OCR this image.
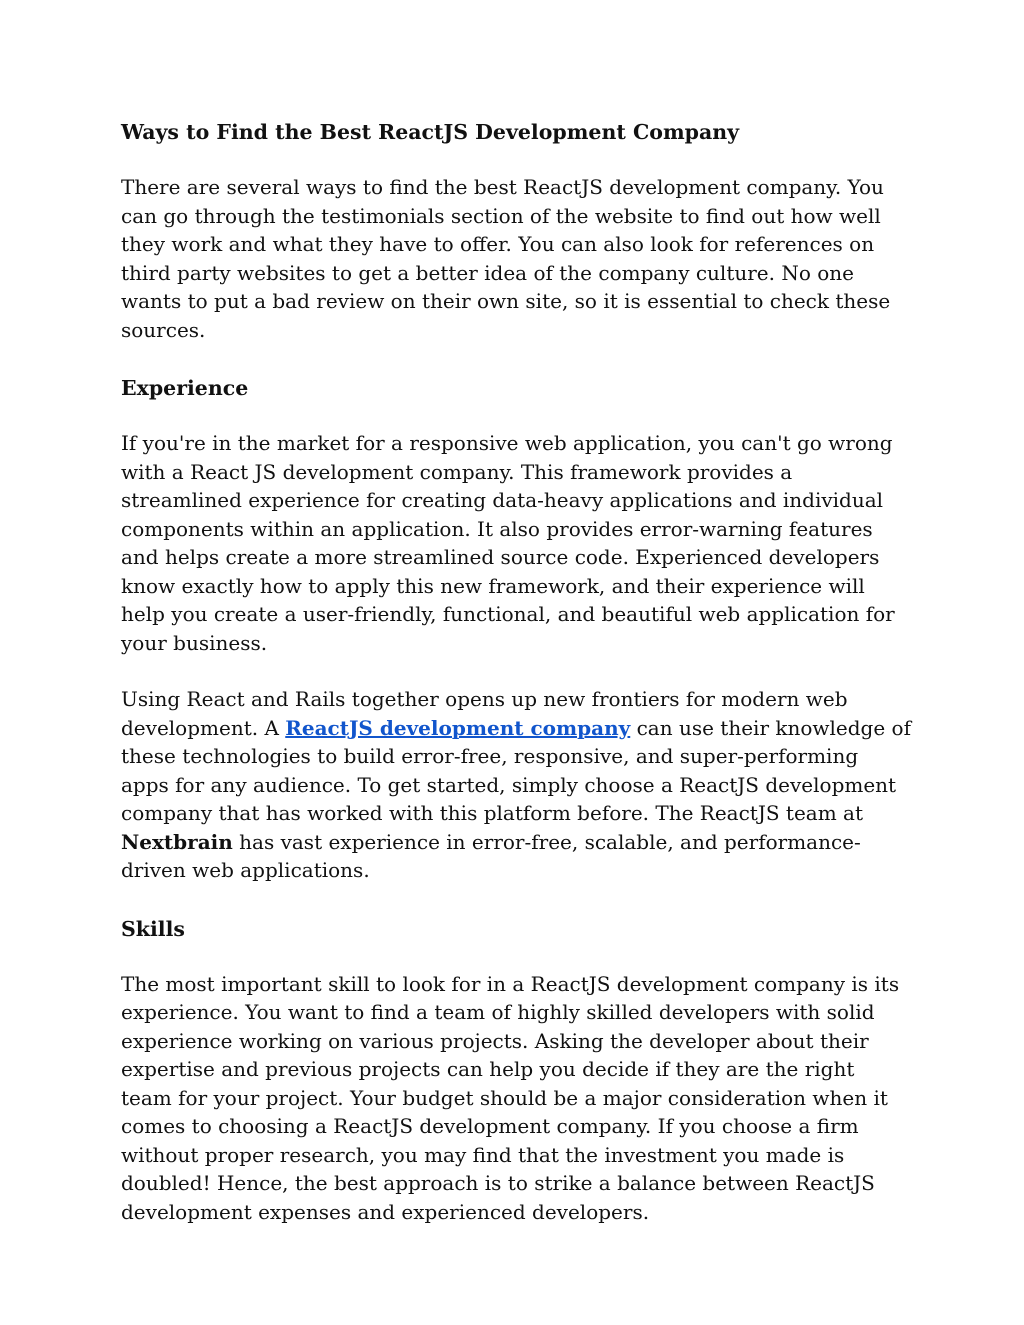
Ways to Find the Best ReactJS Development Company

There are several ways to find the best ReactJS development company. You can go through the testimonials section of the website to find out how well they work and what they have to offer. You can also look for references on third party websites to get a better idea of the company culture. No one wants to put a bad review on their own site, so it is essential to check these sources.

Experience

If you're in the market for a responsive web application, you can't go wrong with a React JS development company. This framework provides a streamlined experience for creating data-heavy applications and individual components within an application. It also provides error-warning features and helps create a more streamlined source code. Experienced developers know exactly how to apply this new framework, and their experience will help you create a user-friendly, functional, and beautiful web application for your business.

Using React and Rails together opens up new frontiers for modern web development. A ReactJS development company can use their knowledge of these technologies to build error-free, responsive, and super-performing apps for any audience. To get started, simply choose a ReactJS development company that has worked with this platform before. The ReactJS team at Nextbrain has vast experience in error-free, scalable, and performance-driven web applications.

Skills

The most important skill to look for in a ReactJS development company is its experience. You want to find a team of highly skilled developers with solid experience working on various projects. Asking the developer about their expertise and previous projects can help you decide if they are the right team for your project. Your budget should be a major consideration when it comes to choosing a ReactJS development company. If you choose a firm without proper research, you may find that the investment you made is doubled! Hence, the best approach is to strike a balance between ReactJS development expenses and experienced developers.
